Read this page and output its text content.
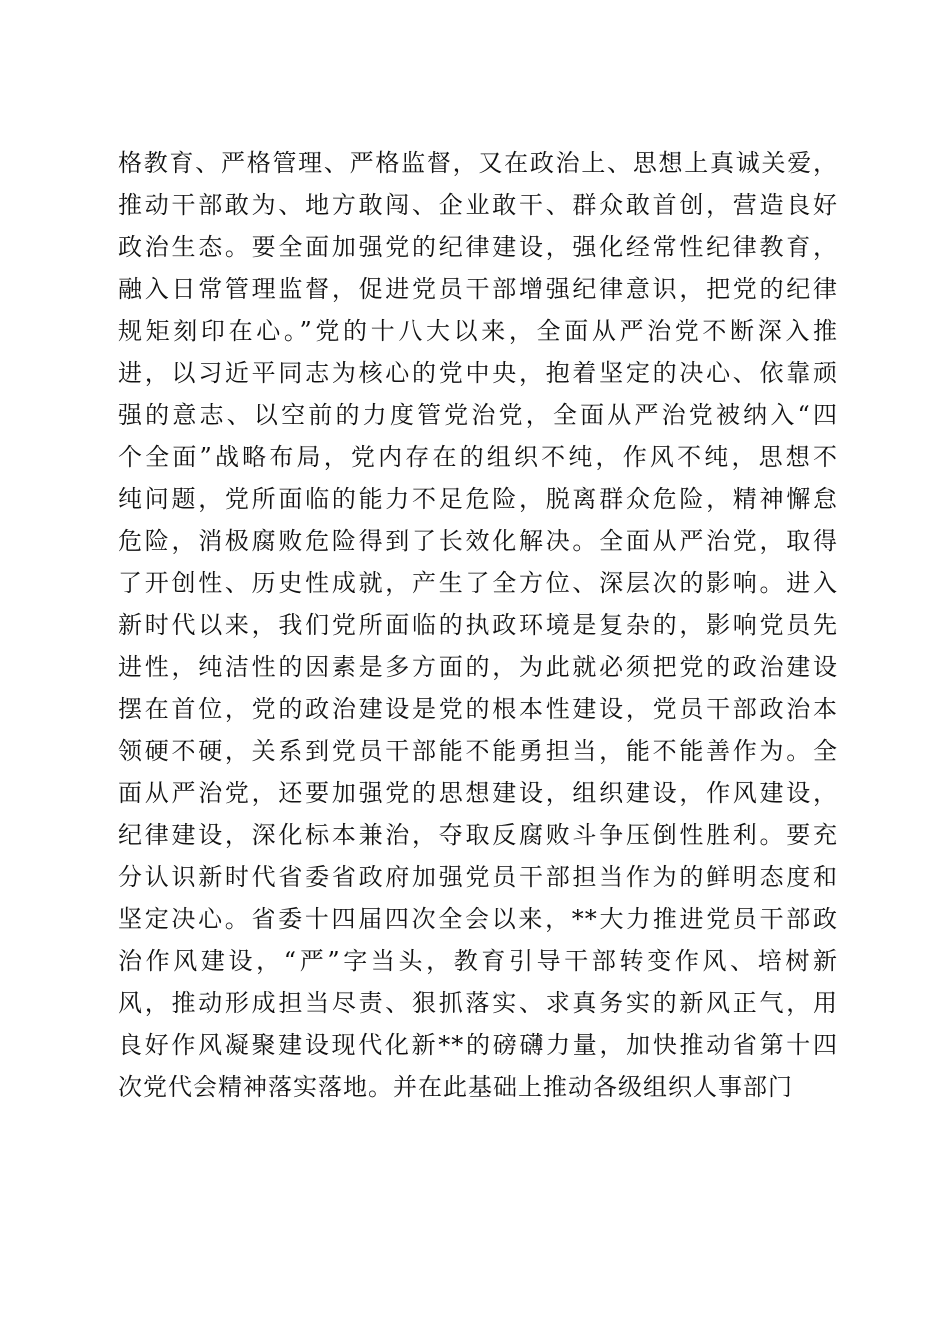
格教育、严格管理、严格监督，又在政治上、思想上真诚关爱，
推动干部敢为、地方敢闯、企业敢干、群众敢首创，营造良好
政治生态。要全面加强党的纪律建设，强化经常性纪律教育，
融入日常管理监督，促进党员干部增强纪律意识，把党的纪律
规矩刻印在心。”党的十八大以来，全面从严治党不断深入推
进，以习近平同志为核心的党中央，抱着坚定的决心、依靠顽
强的意志、以空前的力度管党治党，全面从严治党被纳入“四
个全面”战略布局，党内存在的组织不纯，作风不纯，思想不
纯问题，党所面临的能力不足危险，脱离群众危险，精神懈怠
危险，消极腐败危险得到了长效化解决。全面从严治党，取得
了开创性、历史性成就，产生了全方位、深层次的影响。进入
新时代以来，我们党所面临的执政环境是复杂的，影响党员先
进性，纯洁性的因素是多方面的，为此就必须把党的政治建设
摆在首位，党的政治建设是党的根本性建设，党员干部政治本
领硬不硬，关系到党员干部能不能勇担当，能不能善作为。全
面从严治党，还要加强党的思想建设，组织建设，作风建设，
纪律建设，深化标本兼治，夺取反腐败斗争压倒性胜利。要充
分认识新时代省委省政府加强党员干部担当作为的鲜明态度和
坚定决心。省委十四届四次全会以来，**大力推进党员干部政
治作风建设，“严”字当头，教育引导干部转变作风、培树新
风，推动形成担当尽责、狠抓落实、求真务实的新风正气，用
良好作风凝聚建设现代化新**的磅礴力量，加快推动省第十四
次党代会精神落实落地。并在此基础上推动各级组织人事部门
